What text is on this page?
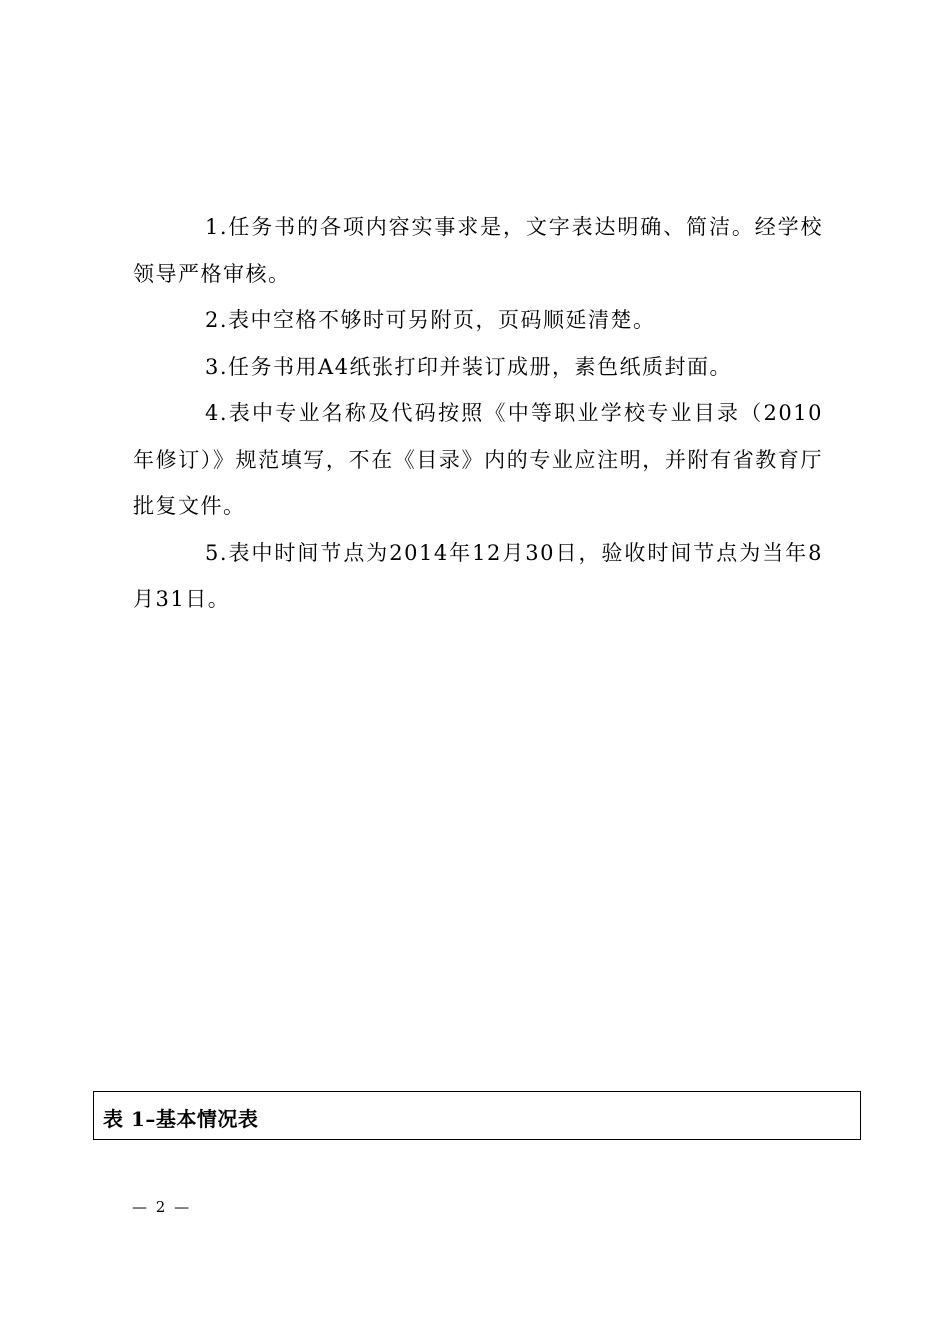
1.任务书的各项内容实事求是，文字表达明确、简洁。经学校领导严格审核。

2.表中空格不够时可另附页，页码顺延清楚。

3.任务书用A4纸张打印并装订成册，素色纸质封面。

4.表中专业名称及代码按照《中等职业学校专业目录（2010年修订）》规范填写，不在《目录》内的专业应注明，并附有省教育厅批复文件。

5.表中时间节点为2014年12月30日，验收时间节点为当年8 月31日。

表 1–基本情况表
— 2 —
